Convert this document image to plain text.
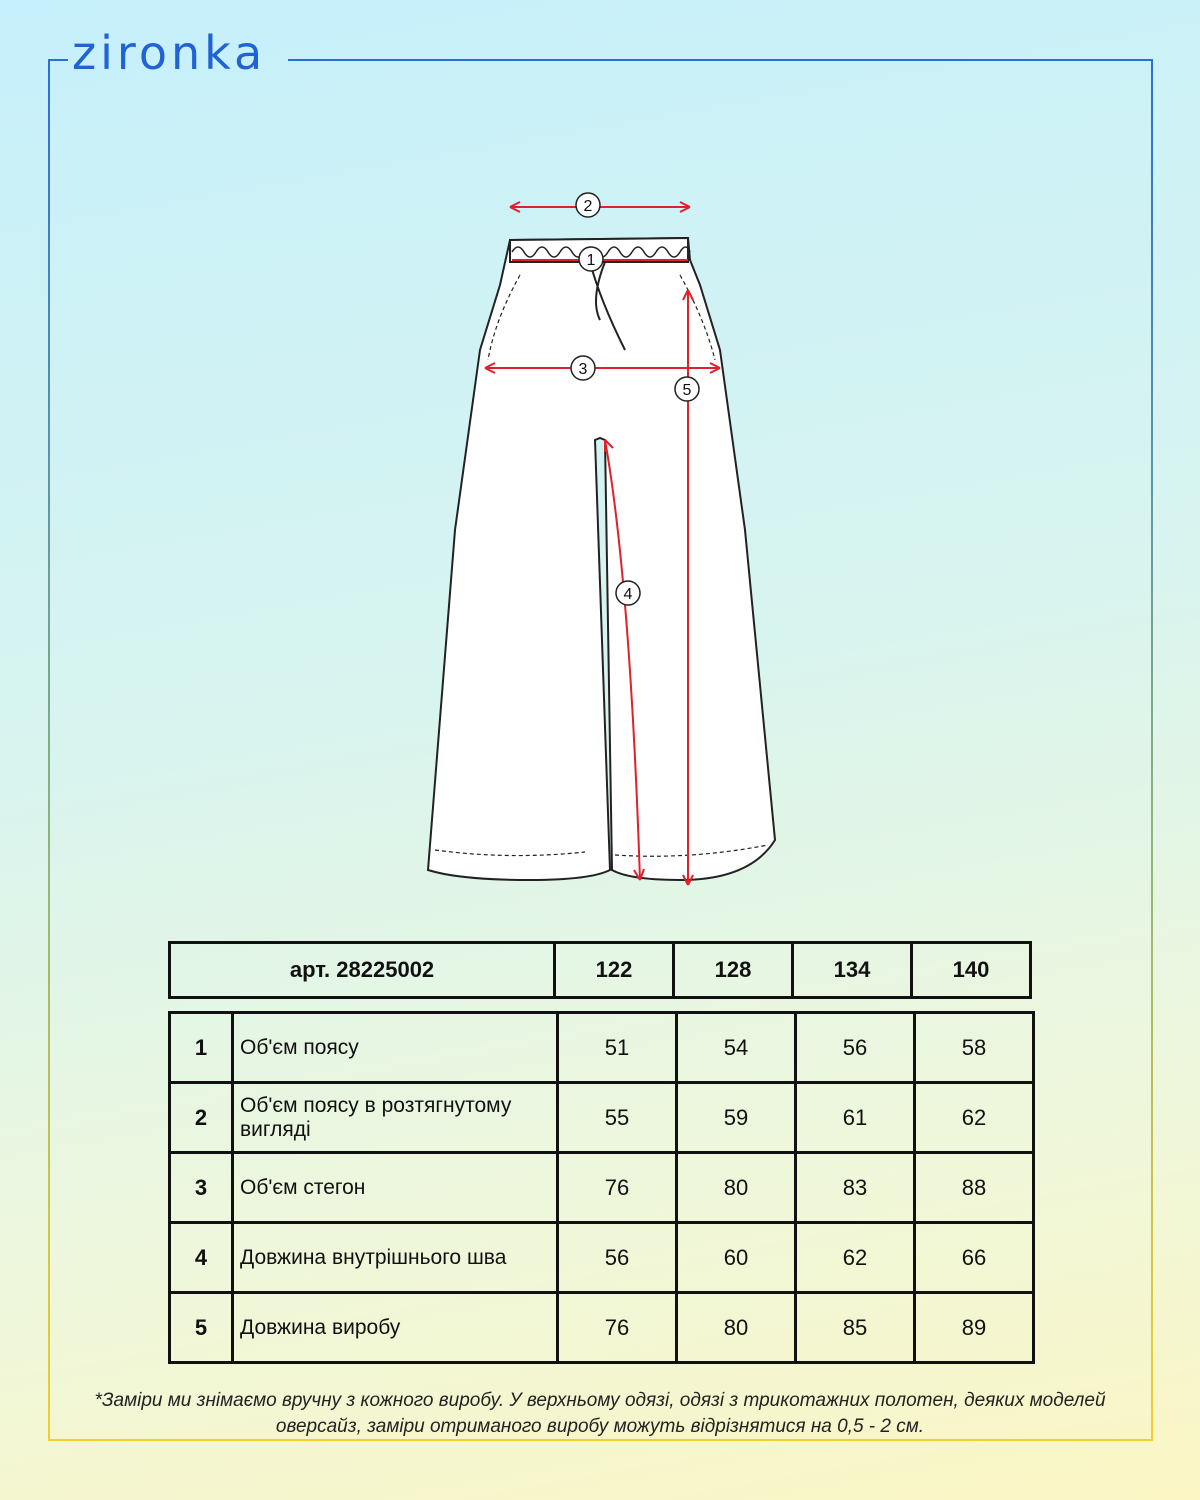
zironka
2
1
3
5
4
арт. 28225002	122	128	134	140
1	Об'єм поясу	51	54	56	58
2	Об'єм поясу в розтягнутому вигляді	55	59	61	62
3	Об'єм стегон	76	80	83	88
4	Довжина внутрішнього шва	56	60	62	66
5	Довжина виробу	76	80	85	89
*Заміри ми знімаємо вручну з кожного виробу. У верхньому одязі, одязі з трикотажних полотен, деяких моделей оверсайз, заміри отриманого виробу можуть відрізнятися на 0,5 - 2 см.
